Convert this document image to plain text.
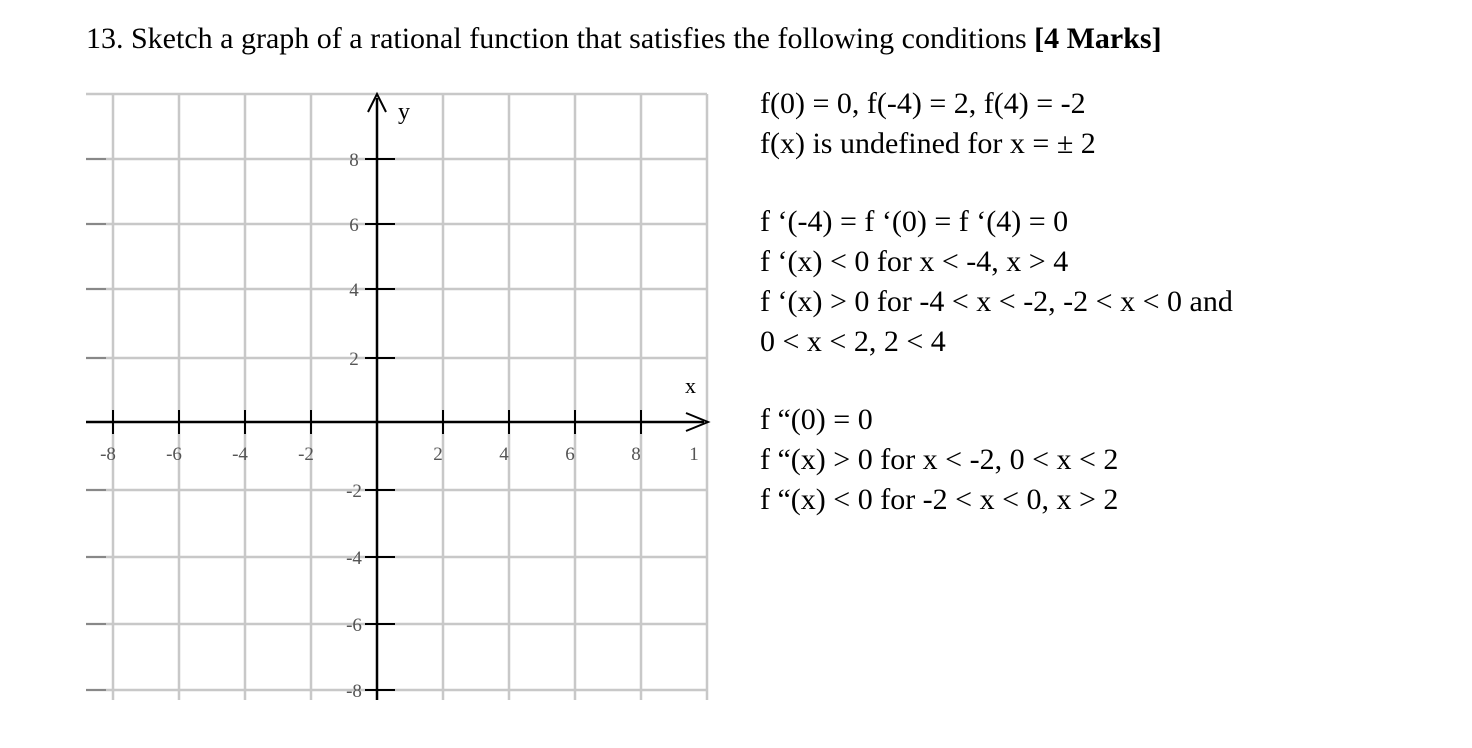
13. Sketch a graph of a rational function that satisfies the following conditions [4 Marks]
-8	-6	-4	-2	2	4	6	8	1
8
6
4
2
-2
-4
-6
-8
x
y	f(0) = 0, f(-4) = 2, f(4) = -2
f(x) is undefined for x = ± 2
f ‘(-4) = f ‘(0) = f ‘(4) = 0
f ‘(x) < 0 for x < -4, x > 4
f ‘(x) > 0 for -4 < x < -2, -2 < x < 0 and
0 < x < 2, 2 < 4
f “(0) = 0
f “(x) > 0 for x < -2, 0 < x < 2
f “(x) < 0 for -2 < x < 0, x > 2
